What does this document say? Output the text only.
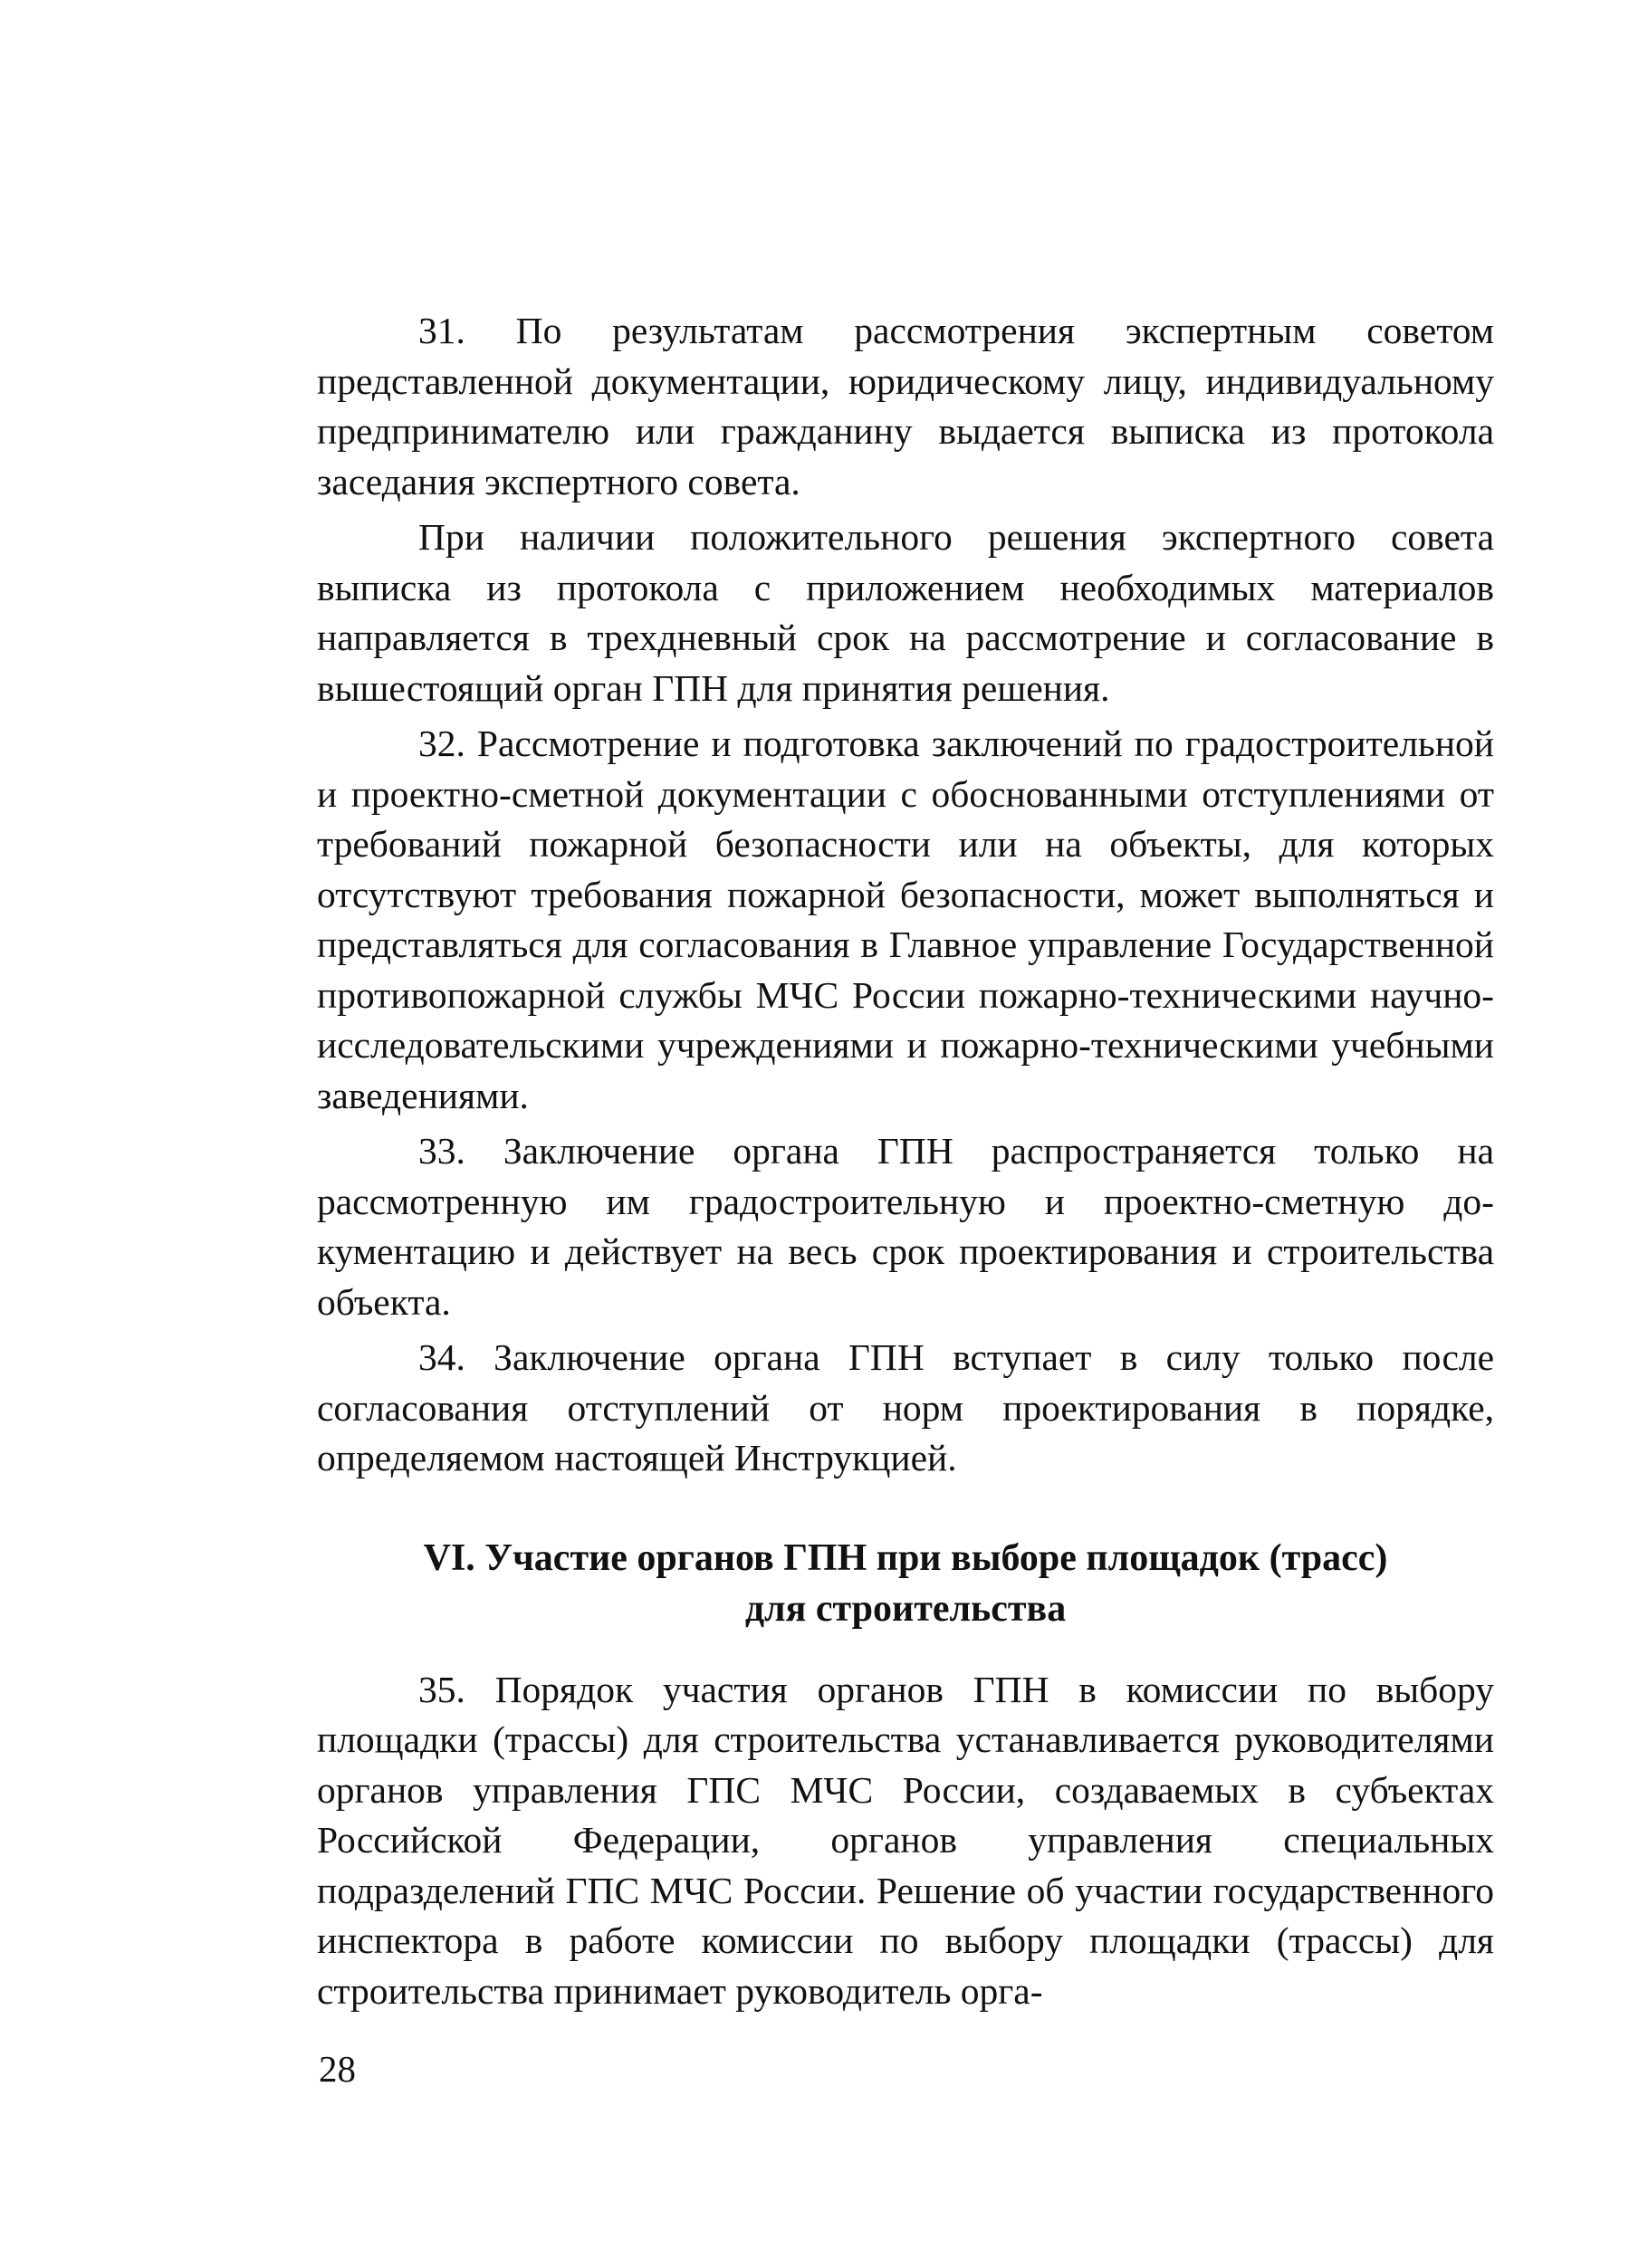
31. По результатам рассмотрения экспертным советом представленной документации, юридическому лицу, индивидуальному предпринимателю или гражданину выдается выписка из протокола заседания экспертного совета.

При наличии положительного решения экспертного совета выписка из протокола с приложением необходимых материалов направляется в трехдневный срок на рассмотрение и согласование в вышестоящий орган ГПН для принятия решения.

32. Рассмотрение и подготовка заключений по градостроительной и проектно-сметной документации с обоснованными отступлениями от требований пожарной безопасности или на объекты, для которых отсутствуют требования пожарной безопасности, может выполняться и представляться для согласования в Главное управление Государственной противопожарной службы МЧС России пожарно-техническими научно-исследовательскими учреждениями и пожарно-техническими учебными заведениями.

33. Заключение органа ГПН распространяется только на рассмотренную им градостроительную и проектно-сметную документацию и действует на весь срок проектирования и строительства объекта.

34. Заключение органа ГПН вступает в силу только после согласования отступлений от норм проектирования в порядке, определяемом настоящей Инструкцией.

VI. Участие органов ГПН при выборе площадок (трасс)
для строительства

35. Порядок участия органов ГПН в комиссии по выбору площадки (трассы) для строительства устанавливается руководителями органов управления ГПС МЧС России, создаваемых в субъектах Российской Федерации, органов управления специальных подразделений ГПС МЧС России. Решение об участии государственного инспектора в работе комиссии по выбору площадки (трассы) для строительства принимает руководитель орга-

28
